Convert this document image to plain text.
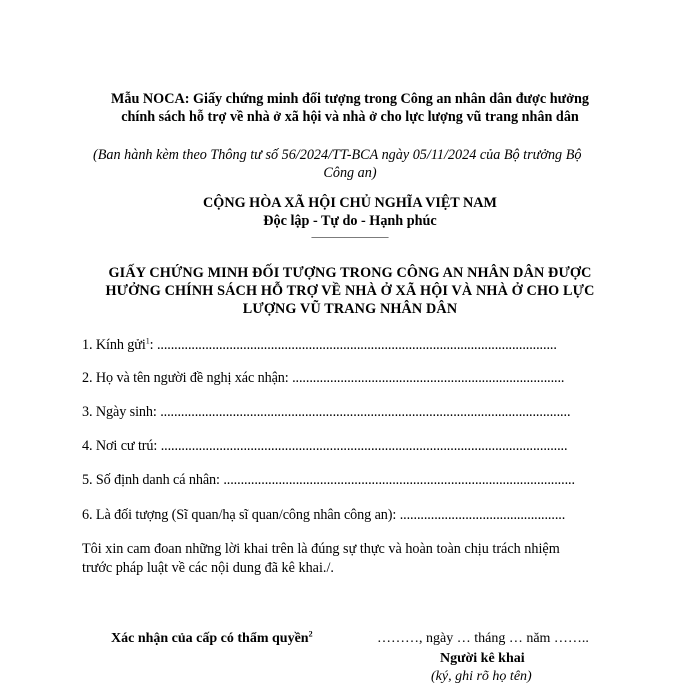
Mẫu NOCA: Giấy chứng minh đối tượng trong Công an nhân dân được hưởng
chính sách hỗ trợ về nhà ở xã hội và nhà ở cho lực lượng vũ trang nhân dân
(Ban hành kèm theo Thông tư số 56/2024/TT-BCA ngày 05/11/2024 của Bộ trưởng Bộ
Công an)
CỘNG HÒA XÃ HỘI CHỦ NGHĨA VIỆT NAM
Độc lập - Tự do - Hạnh phúc
______________
GIẤY CHỨNG MINH ĐỐI TƯỢNG TRONG CÔNG AN NHÂN DÂN ĐƯỢC
HƯỞNG CHÍNH SÁCH HỖ TRỢ VỀ NHÀ Ở XÃ HỘI VÀ NHÀ Ở CHO LỰC
LƯỢNG VŨ TRANG NHÂN DÂN
1. Kính gửi$^1$: ....................................................................................................................
2. Họ và tên người đề nghị xác nhận: ...............................................................................
3. Ngày sinh: .......................................................................................................................
4. Nơi cư trú: ......................................................................................................................
5. Số định danh cá nhân: ......................................................................................................
6. Là đối tượng (Sĩ quan/hạ sĩ quan/công nhân công an): ................................................
Tôi xin cam đoan những lời khai trên là đúng sự thực và hoàn toàn chịu trách nhiệm
trước pháp luật về các nội dung đã kê khai./.
Xác nhận của cấp có thẩm quyền$^2$	………, ngày … tháng … năm ……..
Người kê khai
(ký, ghi rõ họ tên)
